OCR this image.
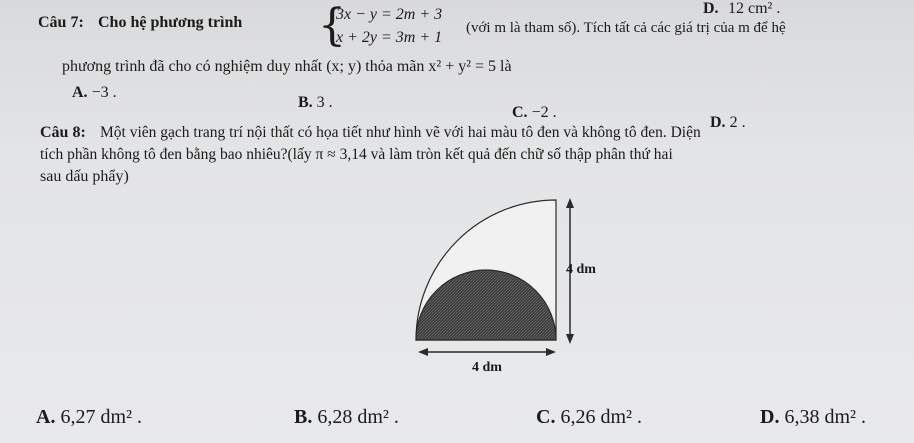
Câu 7: Cho hệ phương trình {
3x − y = 2m + 3
x + 2y = 3m + 1
(với m là tham số). Tích tất cả các giá trị của m để hệ
D. 12 cm² .
phương trình đã cho có nghiệm duy nhất (x; y) thỏa mãn x² + y² = 5 là
A. −3 .
B. 3 .
C. −2 .
D. 2 .
Câu 8: Một viên gạch trang trí nội thất có họa tiết như hình vẽ với hai màu tô đen và không tô đen. Diện
tích phần không tô đen bằng bao nhiêu?(lấy π ≈ 3,14 và làm tròn kết quả đến chữ số thập phân thứ hai
sau dấu phẩy)
4 dm
4 dm
A. 6,27 dm² .	B. 6,28 dm² .	C. 6,26 dm² .	D. 6,38 dm² .
